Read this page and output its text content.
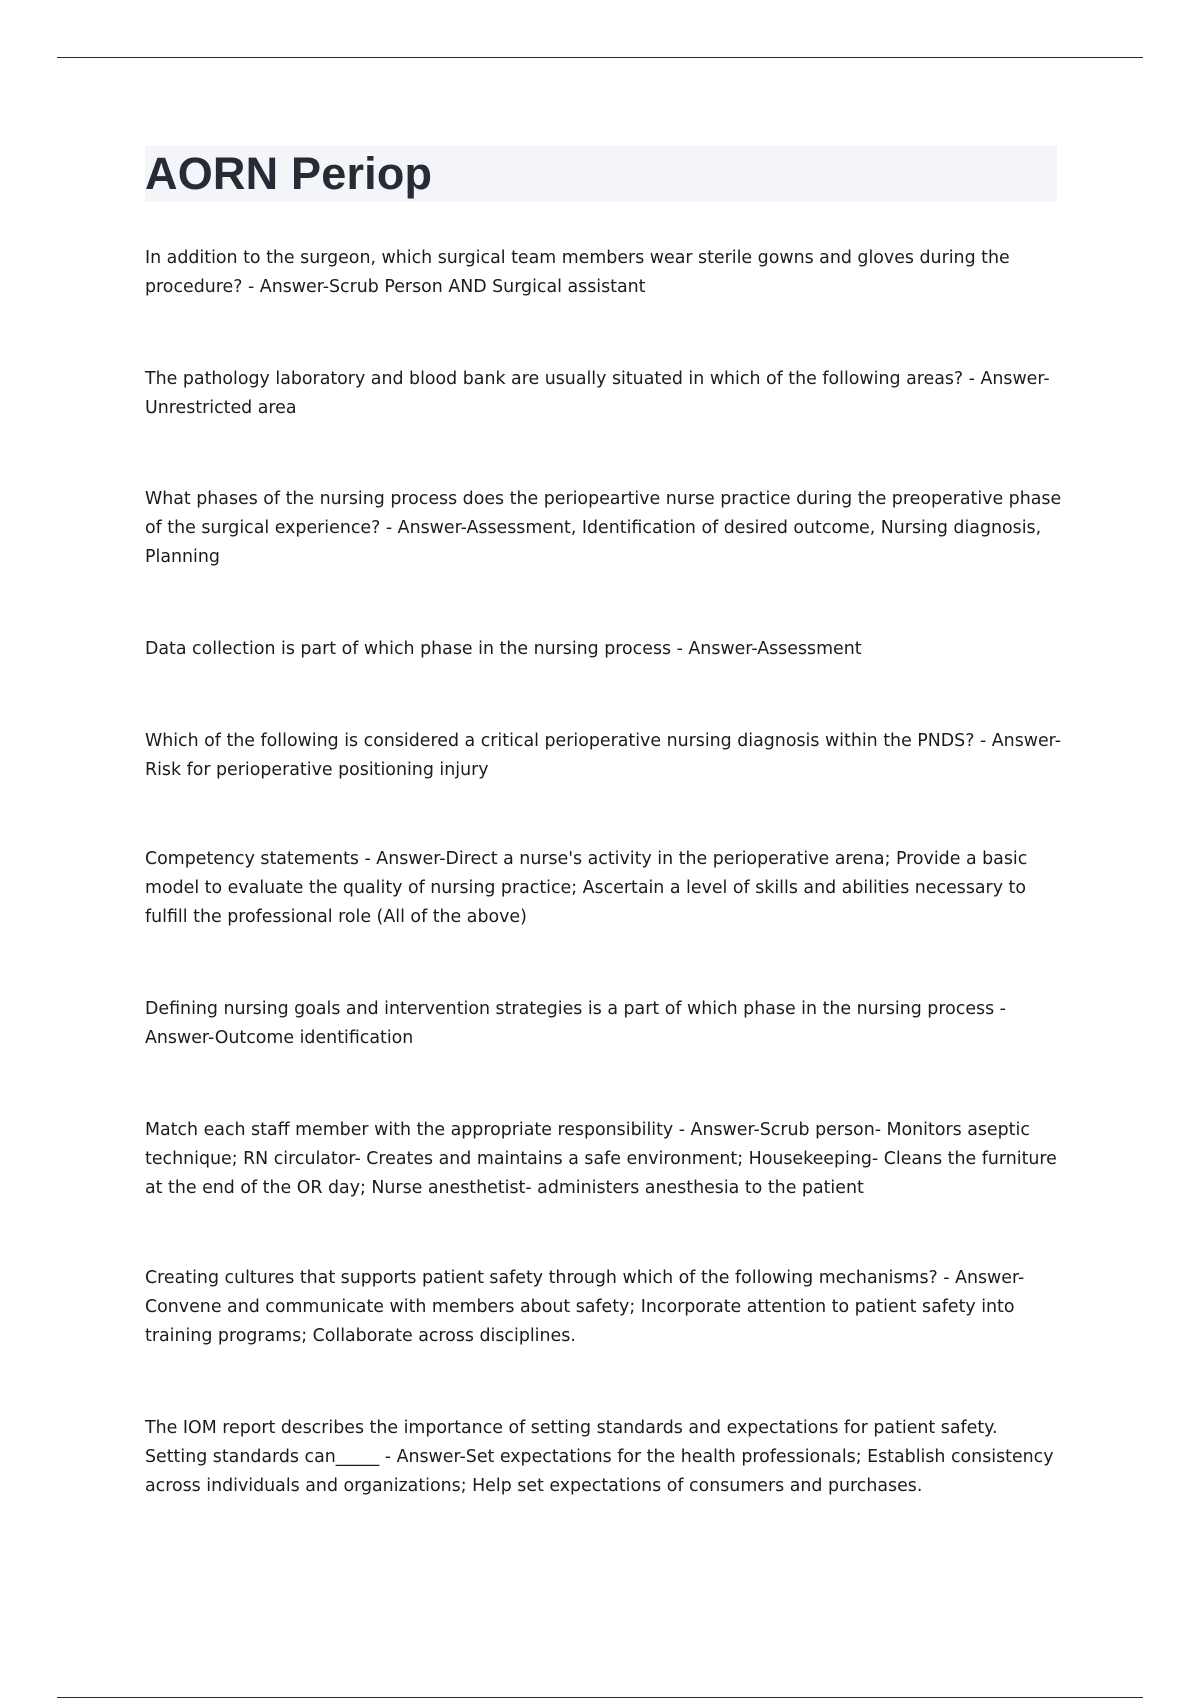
AORN Periop
In addition to the surgeon, which surgical team members wear sterile gowns and gloves during the procedure? - Answer-Scrub Person AND Surgical assistant
The pathology laboratory and blood bank are usually situated in which of the following areas? - Answer-Unrestricted area
What phases of the nursing process does the periopeartive nurse practice during the preoperative phase of the surgical experience? - Answer-Assessment, Identification of desired outcome, Nursing diagnosis, Planning
Data collection is part of which phase in the nursing process - Answer-Assessment
Which of the following is considered a critical perioperative nursing diagnosis within the PNDS? - Answer-Risk for perioperative positioning injury
Competency statements - Answer-Direct a nurse's activity in the perioperative arena; Provide a basic model to evaluate the quality of nursing practice; Ascertain a level of skills and abilities necessary to fulfill the professional role (All of the above)
Defining nursing goals and intervention strategies is a part of which phase in the nursing process - Answer-Outcome identification
Match each staff member with the appropriate responsibility - Answer-Scrub person- Monitors aseptic technique; RN circulator- Creates and maintains a safe environment; Housekeeping- Cleans the furniture at the end of the OR day; Nurse anesthetist- administers anesthesia to the patient
Creating cultures that supports patient safety through which of the following mechanisms? - Answer-Convene and communicate with members about safety; Incorporate attention to patient safety into training programs; Collaborate across disciplines.
The IOM report describes the importance of setting standards and expectations for patient safety. Setting standards can_____ - Answer-Set expectations for the health professionals; Establish consistency across individuals and organizations; Help set expectations of consumers and purchases.
